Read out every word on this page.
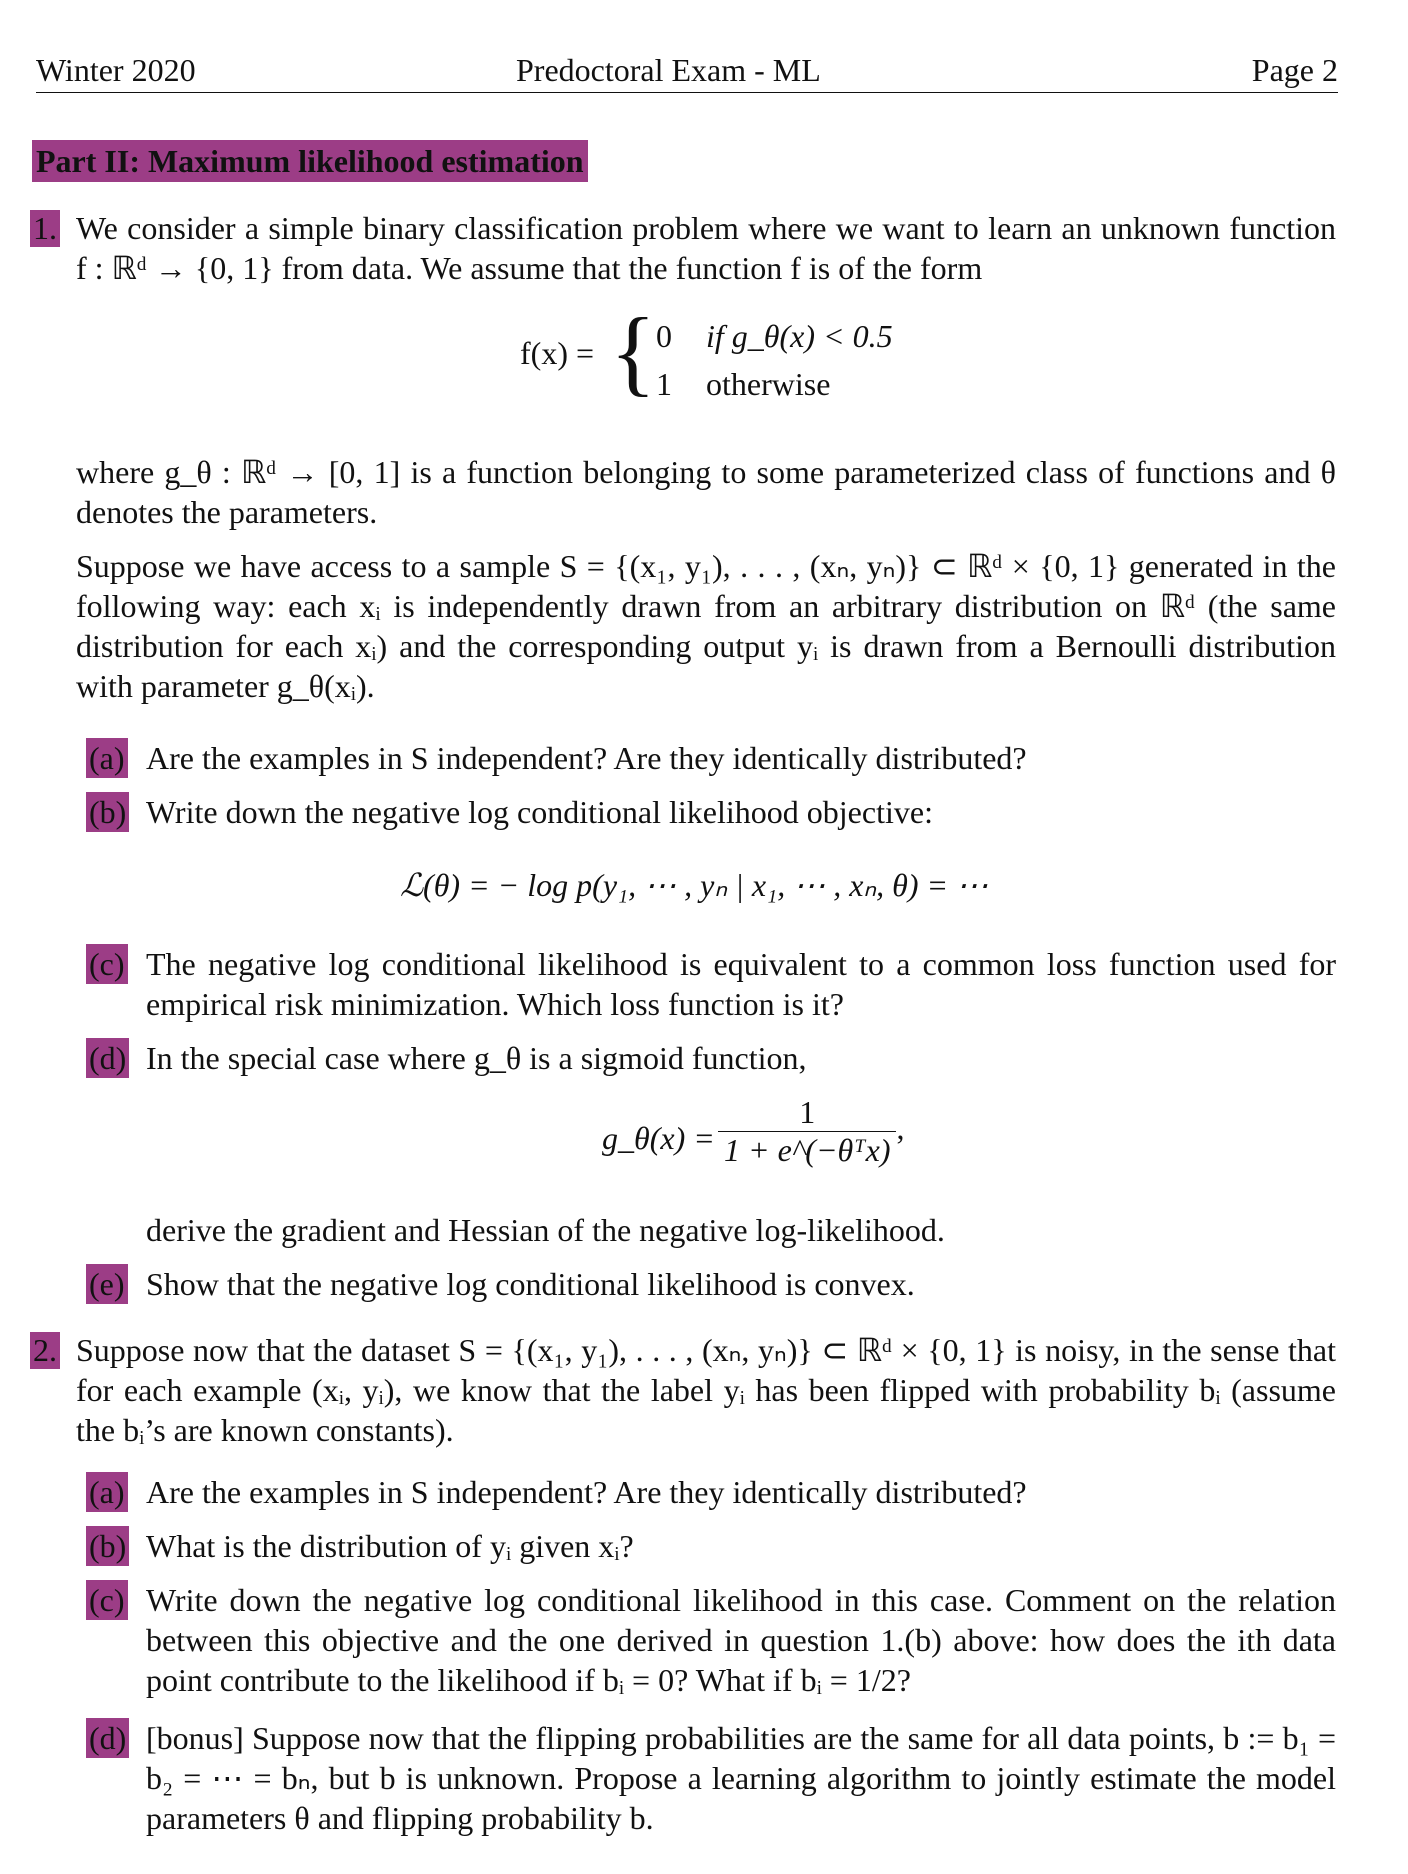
Winter 2020	Predoctoral Exam - ML	Page 2
Part II: Maximum likelihood estimation
1. We consider a simple binary classification problem where we want to learn an unknown function f : ℝᵈ → {0, 1} from data. We assume that the function f is of the form
f(x) = { 0 if g_θ(x) < 0.5
1 otherwise
where g_θ : ℝᵈ → [0, 1] is a function belonging to some parameterized class of functions and θ denotes the parameters.
Suppose we have access to a sample S = {(x₁, y₁), . . . , (xₙ, yₙ)} ⊂ ℝᵈ × {0, 1} generated in the following way: each xᵢ is independently drawn from an arbitrary distribution on ℝᵈ (the same distribution for each xᵢ) and the corresponding output yᵢ is drawn from a Bernoulli distribution with parameter g_θ(xᵢ).
(a) Are the examples in S independent? Are they identically distributed?
(b) Write down the negative log conditional likelihood objective:
ℒ(θ) = − log p(y₁, ⋯ , yₙ | x₁, ⋯ , xₙ, θ) = ⋯
(c) The negative log conditional likelihood is equivalent to a common loss function used for empirical risk minimization. Which loss function is it?
(d) In the special case where g_θ is a sigmoid function,
g_θ(x) = $\frac{1}{\text{1 + e\textasciicircum{}(−θᵀx)}}$ ,
derive the gradient and Hessian of the negative log-likelihood.
(e) Show that the negative log conditional likelihood is convex.
2. Suppose now that the dataset S = {(x₁, y₁), . . . , (xₙ, yₙ)} ⊂ ℝᵈ × {0, 1} is noisy, in the sense that for each example (xᵢ, yᵢ), we know that the label yᵢ has been flipped with probability bᵢ (assume the bᵢ’s are known constants).
(a) Are the examples in S independent? Are they identically distributed?
(b) What is the distribution of yᵢ given xᵢ?
(c) Write down the negative log conditional likelihood in this case. Comment on the relation between this objective and the one derived in question 1.(b) above: how does the ith data point contribute to the likelihood if bᵢ = 0? What if bᵢ = 1/2?
(d) [bonus] Suppose now that the flipping probabilities are the same for all data points, b := b₁ = b₂ = ⋯ = bₙ, but b is unknown. Propose a learning algorithm to jointly estimate the model parameters θ and flipping probability b.
